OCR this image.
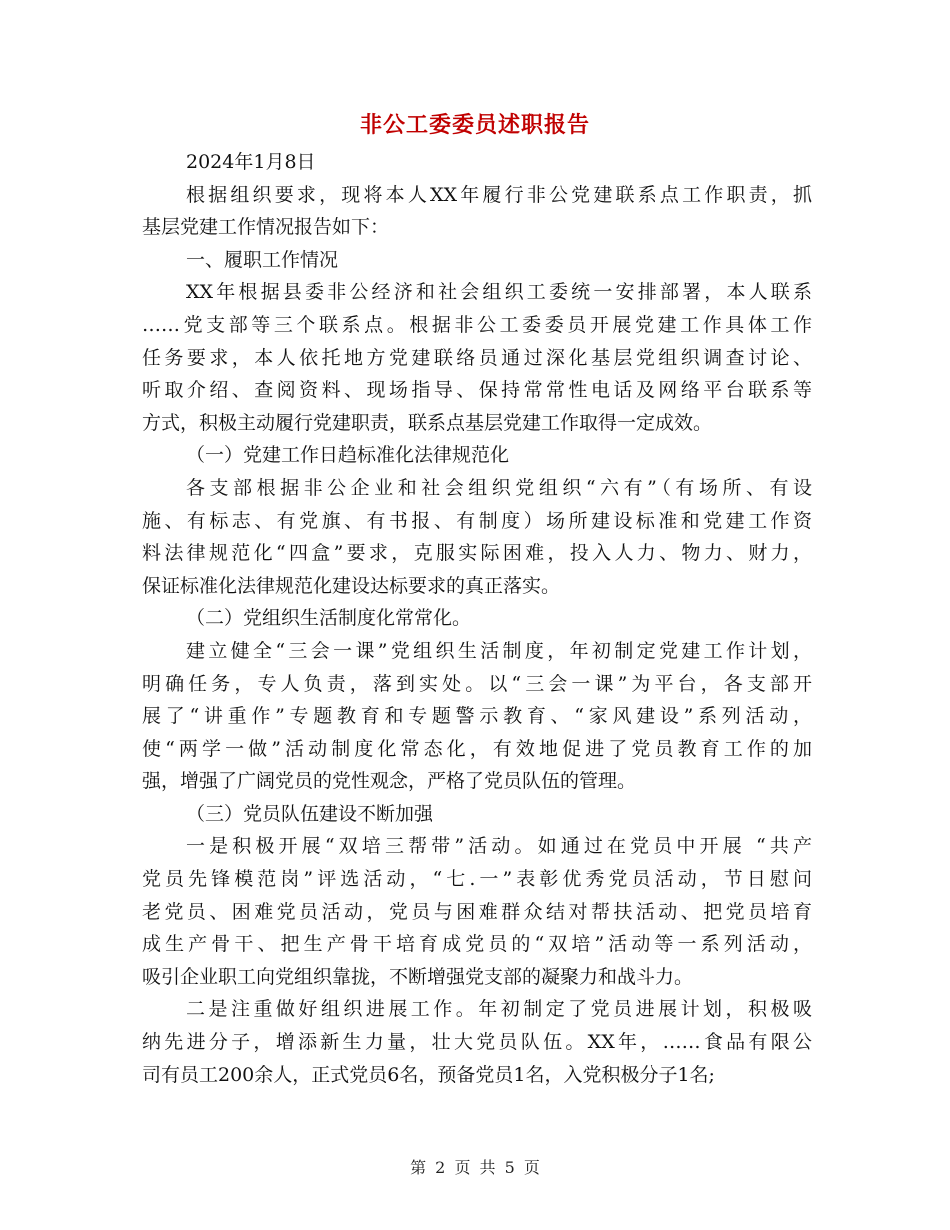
非公工委委员述职报告
2024年1月8日
根据组织要求，现将本人XX年履行非公党建联系点工作职责，抓
基层党建工作情况报告如下：
一、履职工作情况
XX年根据县委非公经济和社会组织工委统一安排部署，本人联系
……党支部等三个联系点。根据非公工委委员开展党建工作具体工作
任务要求，本人依托地方党建联络员通过深化基层党组织调查讨论、
听取介绍、查阅资料、现场指导、保持常常性电话及网络平台联系等
方式，积极主动履行党建职责，联系点基层党建工作取得一定成效。
（一）党建工作日趋标准化法律规范化
各支部根据非公企业和社会组织党组织“六有”（有场所、有设
施、有标志、有党旗、有书报、有制度）场所建设标准和党建工作资
料法律规范化“四盒”要求，克服实际困难，投入人力、物力、财力，
保证标准化法律规范化建设达标要求的真正落实。
（二）党组织生活制度化常常化。
建立健全“三会一课”党组织生活制度，年初制定党建工作计划，
明确任务，专人负责，落到实处。以“三会一课”为平台，各支部开
展了“讲重作”专题教育和专题警示教育、“家风建设”系列活动，
使“两学一做”活动制度化常态化，有效地促进了党员教育工作的加
强，增强了广阔党员的党性观念，严格了党员队伍的管理。
（三）党员队伍建设不断加强
一是积极开展“双培三帮带”活动。如通过在党员中开展 “共产
党员先锋模范岗”评选活动，“七.一”表彰优秀党员活动，节日慰问
老党员、困难党员活动，党员与困难群众结对帮扶活动、把党员培育
成生产骨干、把生产骨干培育成党员的“双培”活动等一系列活动，
吸引企业职工向党组织靠拢，不断增强党支部的凝聚力和战斗力。
二是注重做好组织进展工作。年初制定了党员进展计划，积极吸
纳先进分子，增添新生力量，壮大党员队伍。XX年，……食品有限公
司有员工200余人，正式党员6名，预备党员1名，入党积极分子1名;
第 2 页 共 5 页
